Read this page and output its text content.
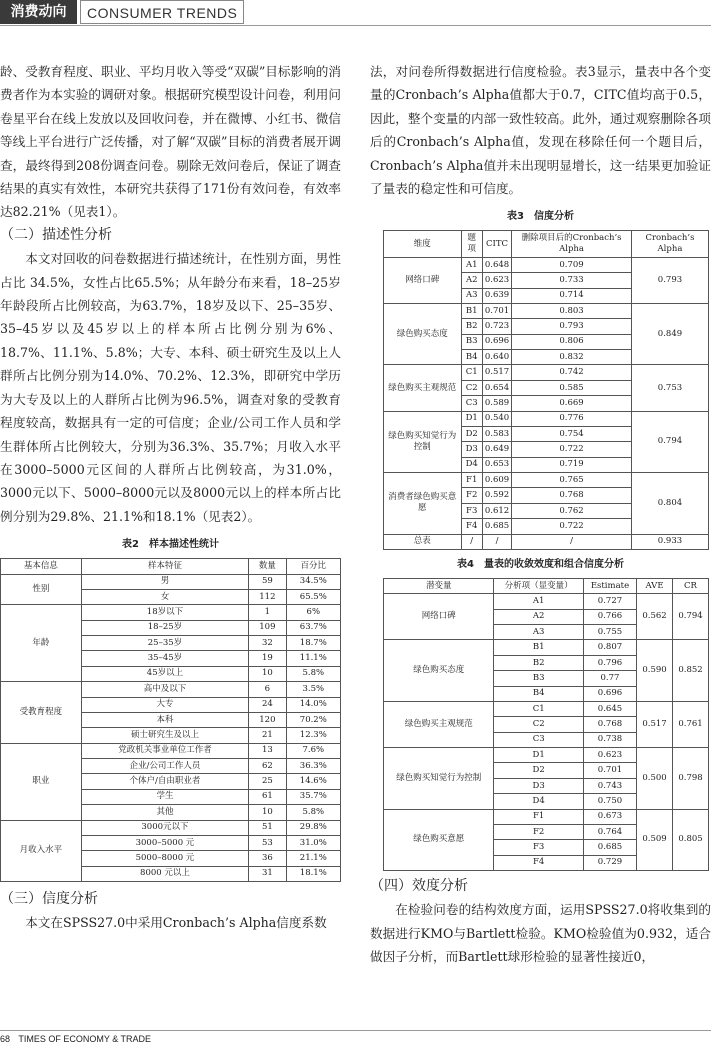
消费动向	CONSUMER TRENDS

龄、受教育程度、职业、平均月收入等受“双碳”目标影响的消费者作为本实验的调研对象。根据研究模型设计问卷，利用问卷星平台在线上发放以及回收问卷，并在微博、小红书、微信等线上平台进行广泛传播，对了解“双碳”目标的消费者展开调查，最终得到208份调查问卷。剔除无效问卷后，保证了调查结果的真实有效性，本研究共获得了171份有效问卷，有效率达82.21%（见表1）。

（二）描述性分析

本文对回收的问卷数据进行描述统计，在性别方面，男性占比 34.5%，女性占比65.5%；从年龄分布来看，18–25岁年龄段所占比例较高，为63.7%，18岁及以下、25–35岁、35–45岁以及45岁以上的样本所占比例分别为6%、18.7%、11.1%、5.8%；大专、本科、硕士研究生及以上人群所占比例分别为14.0%、70.2%、12.3%，即研究中学历为大专及以上的人群所占比例为96.5%，调查对象的受教育程度较高，数据具有一定的可信度；企业/公司工作人员和学生群体所占比例较大，分别为36.3%、35.7%；月收入水平在3000–5000元区间的人群所占比例较高，为31.0%，3000元以下、5000–8000元以及8000元以上的样本所占比例分别为29.8%、21.1%和18.1%（见表2）。

表2　样本描述性统计
基本信息	样本特征	数量	百分比
性别	男	59	34.5%
	女	112	65.5%
年龄	18岁以下	1	6%
	18–25岁	109	63.7%
	25–35岁	32	18.7%
	35–45岁	19	11.1%
	45岁以上	10	5.8%
受教育程度	高中及以下	6	3.5%
	大专	24	14.0%
	本科	120	70.2%
	硕士研究生及以上	21	12.3%
职业	党政机关事业单位工作者	13	7.6%
	企业/公司工作人员	62	36.3%
	个体户/自由职业者	25	14.6%
	学生	61	35.7%
	其他	10	5.8%
月收入水平	3000元以下	51	29.8%
	3000–5000 元	53	31.0%
	5000–8000 元	36	21.1%
	8000 元以上	31	18.1%

（三）信度分析

本文在SPSS27.0中采用Cronbach’s Alpha信度系数

法，对问卷所得数据进行信度检验。表3显示，量表中各个变量的Cronbach’s Alpha值都大于0.7，CITC值均高于0.5，因此，整个变量的内部一致性较高。此外，通过观察删除各项后的Cronbach’s Alpha值，发现在移除任何一个题目后，Cronbach’s Alpha值并未出现明显增长，这一结果更加验证了量表的稳定性和可信度。

表3　信度分析
维度	题项	CITC	删除项目后的Cronbach’s Alpha	Cronbach’s Alpha
网络口碑	A1	0.648	0.709	0.793
	A2	0.623	0.733	
	A3	0.639	0.714	
绿色购买态度	B1	0.701	0.803	0.849
	B2	0.723	0.793	
	B3	0.696	0.806	
	B4	0.640	0.832	
绿色购买主观规范	C1	0.517	0.742	0.753
	C2	0.654	0.585	
	C3	0.589	0.669	
绿色购买知觉行为控制	D1	0.540	0.776	0.794
	D2	0.583	0.754	
	D3	0.649	0.722	
	D4	0.653	0.719	
消费者绿色购买意愿	F1	0.609	0.765	0.804
	F2	0.592	0.768	
	F3	0.612	0.762	
	F4	0.685	0.722	
总表	/	/	/	0.933
表4　量表的收敛效度和组合信度分析
潜变量	分析项（显变量）	Estimate	AVE	CR
网络口碑	A1	0.727	0.562	0.794
	A2	0.766		
	A3	0.755		
绿色购买态度	B1	0.807	0.590	0.852
	B2	0.796		
	B3	0.77		
	B4	0.696		
绿色购买主观规范	C1	0.645	0.517	0.761
	C2	0.768		
	C3	0.738		
绿色购买知觉行为控制	D1	0.623	0.500	0.798
	D2	0.701		
	D3	0.743		
	D4	0.750		
绿色购买意愿	F1	0.673	0.509	0.805
	F2	0.764		
	F3	0.685		
	F4	0.729		

（四）效度分析

在检验问卷的结构效度方面，运用SPSS27.0将收集到的数据进行KMO与Bartlett检验。KMO检验值为0.932，适合做因子分析，而Bartlett球形检验的显著性接近0，

68 TIMES OF ECONOMY & TRADE
